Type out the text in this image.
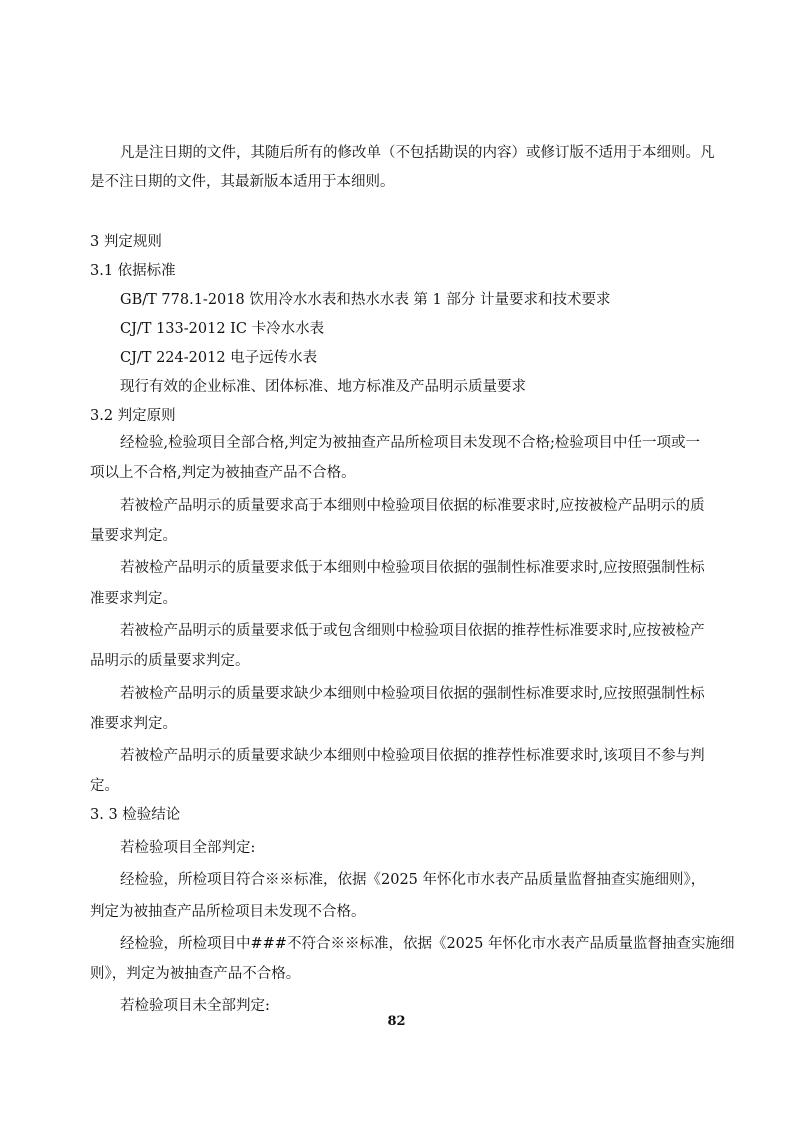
凡是注日期的文件，其随后所有的修改单（不包括勘误的内容）或修订版不适用于本细则。凡
是不注日期的文件，其最新版本适用于本细则。
3 判定规则
3.1 依据标准
GB/T 778.1-2018 饮用冷水水表和热水水表 第 1 部分 计量要求和技术要求
CJ/T 133-2012 IC 卡冷水水表
CJ/T 224-2012 电子远传水表
现行有效的企业标准、团体标准、地方标准及产品明示质量要求
3.2 判定原则
经检验,检验项目全部合格,判定为被抽查产品所检项目未发现不合格;检验项目中任一项或一
项以上不合格,判定为被抽查产品不合格。
若被检产品明示的质量要求高于本细则中检验项目依据的标准要求时,应按被检产品明示的质
量要求判定。
若被检产品明示的质量要求低于本细则中检验项目依据的强制性标准要求时,应按照强制性标
准要求判定。
若被检产品明示的质量要求低于或包含细则中检验项目依据的推荐性标准要求时,应按被检产
品明示的质量要求判定。
若被检产品明示的质量要求缺少本细则中检验项目依据的强制性标准要求时,应按照强制性标
准要求判定。
若被检产品明示的质量要求缺少本细则中检验项目依据的推荐性标准要求时,该项目不参与判
定。
3. 3 检验结论
若检验项目全部判定:
经检验，所检项目符合※※标准，依据《2025 年怀化市水表产品质量监督抽查实施细则》，
判定为被抽查产品所检项目未发现不合格。
经检验，所检项目中###不符合※※标准，依据《2025 年怀化市水表产品质量监督抽查实施细
则》，判定为被抽查产品不合格。
若检验项目未全部判定:
82
